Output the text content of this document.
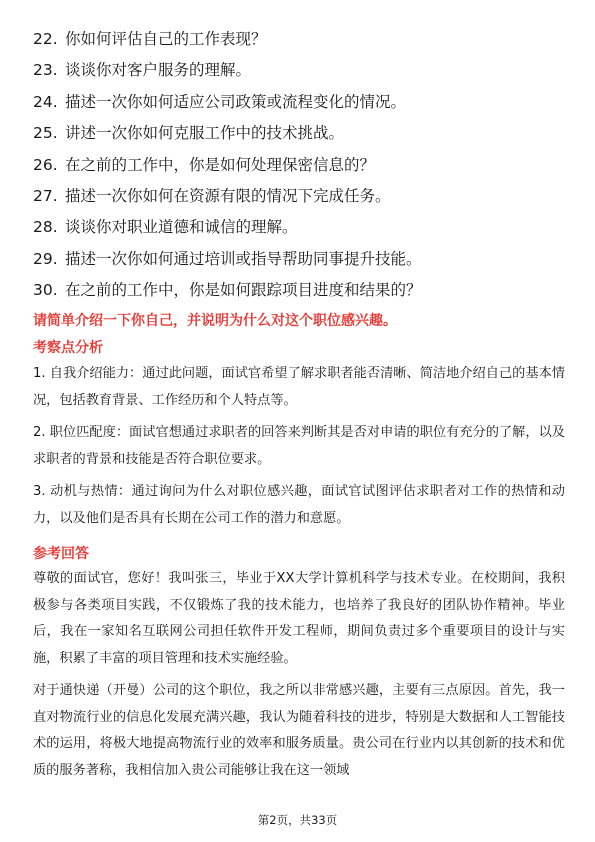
22. 你如何评估自己的工作表现？
23. 谈谈你对客户服务的理解。
24. 描述一次你如何适应公司政策或流程变化的情况。
25. 讲述一次你如何克服工作中的技术挑战。
26. 在之前的工作中，你是如何处理保密信息的？
27. 描述一次你如何在资源有限的情况下完成任务。
28. 谈谈你对职业道德和诚信的理解。
29. 描述一次你如何通过培训或指导帮助同事提升技能。
30. 在之前的工作中，你是如何跟踪项目进度和结果的？
请简单介绍一下你自己，并说明为什么对这个职位感兴趣。
考察点分析

1. 自我介绍能力：通过此问题，面试官希望了解求职者能否清晰、简洁地介绍自己的基本情况，包括教育背景、工作经历和个人特点等。

2. 职位匹配度：面试官想通过求职者的回答来判断其是否对申请的职位有充分的了解，以及求职者的背景和技能是否符合职位要求。

3. 动机与热情：通过询问为什么对职位感兴趣，面试官试图评估求职者对工作的热情和动力，以及他们是否具有长期在公司工作的潜力和意愿。

参考回答

尊敬的面试官，您好！我叫张三，毕业于XX大学计算机科学与技术专业。在校期间，我积极参与各类项目实践，不仅锻炼了我的技术能力，也培养了我良好的团队协作精神。毕业后，我在一家知名互联网公司担任软件开发工程师，期间负责过多个重要项目的设计与实施，积累了丰富的项目管理和技术实施经验。

对于通快递（开曼）公司的这个职位，我之所以非常感兴趣，主要有三点原因。首先，我一直对物流行业的信息化发展充满兴趣，我认为随着科技的进步，特别是大数据和人工智能技术的运用，将极大地提高物流行业的效率和服务质量。贵公司在行业内以其创新的技术和优质的服务著称，我相信加入贵公司能够让我在这一领域

第2页，共33页
